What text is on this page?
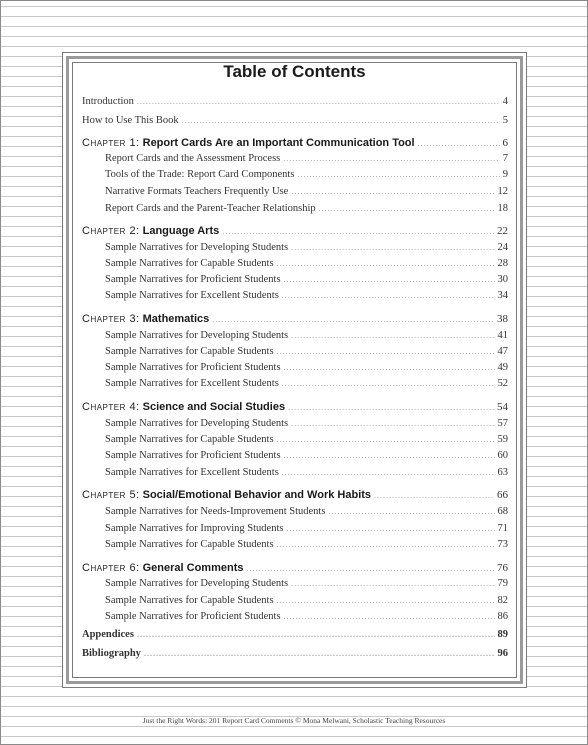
Table of Contents
Introduction .....	4
How to Use This Book .....	5
Chapter 1: Report Cards Are an Important Communication Tool .....	6
Report Cards and the Assessment Process .....	7
Tools of the Trade: Report Card Components .....	9
Narrative Formats Teachers Frequently Use .....	12
Report Cards and the Parent-Teacher Relationship .....	18
Chapter 2: Language Arts .....	22
Sample Narratives for Developing Students .....	24
Sample Narratives for Capable Students .....	28
Sample Narratives for Proficient Students .....	30
Sample Narratives for Excellent Students .....	34
Chapter 3: Mathematics .....	38
Sample Narratives for Developing Students .....	41
Sample Narratives for Capable Students .....	47
Sample Narratives for Proficient Students .....	49
Sample Narratives for Excellent Students .....	52
Chapter 4: Science and Social Studies .....	54
Sample Narratives for Developing Students .....	57
Sample Narratives for Capable Students .....	59
Sample Narratives for Proficient Students .....	60
Sample Narratives for Excellent Students .....	63
Chapter 5: Social/Emotional Behavior and Work Habits .....	66
Sample Narratives for Needs-Improvement Students .....	68
Sample Narratives for Improving Students .....	71
Sample Narratives for Capable Students .....	73
Chapter 6: General Comments .....	76
Sample Narratives for Developing Students .....	79
Sample Narratives for Capable Students .....	82
Sample Narratives for Proficient Students .....	86
Appendices .....	89
Bibliography .....	96
Just the Right Words: 201 Report Card Comments © Mona Melwani, Scholastic Teaching Resources
